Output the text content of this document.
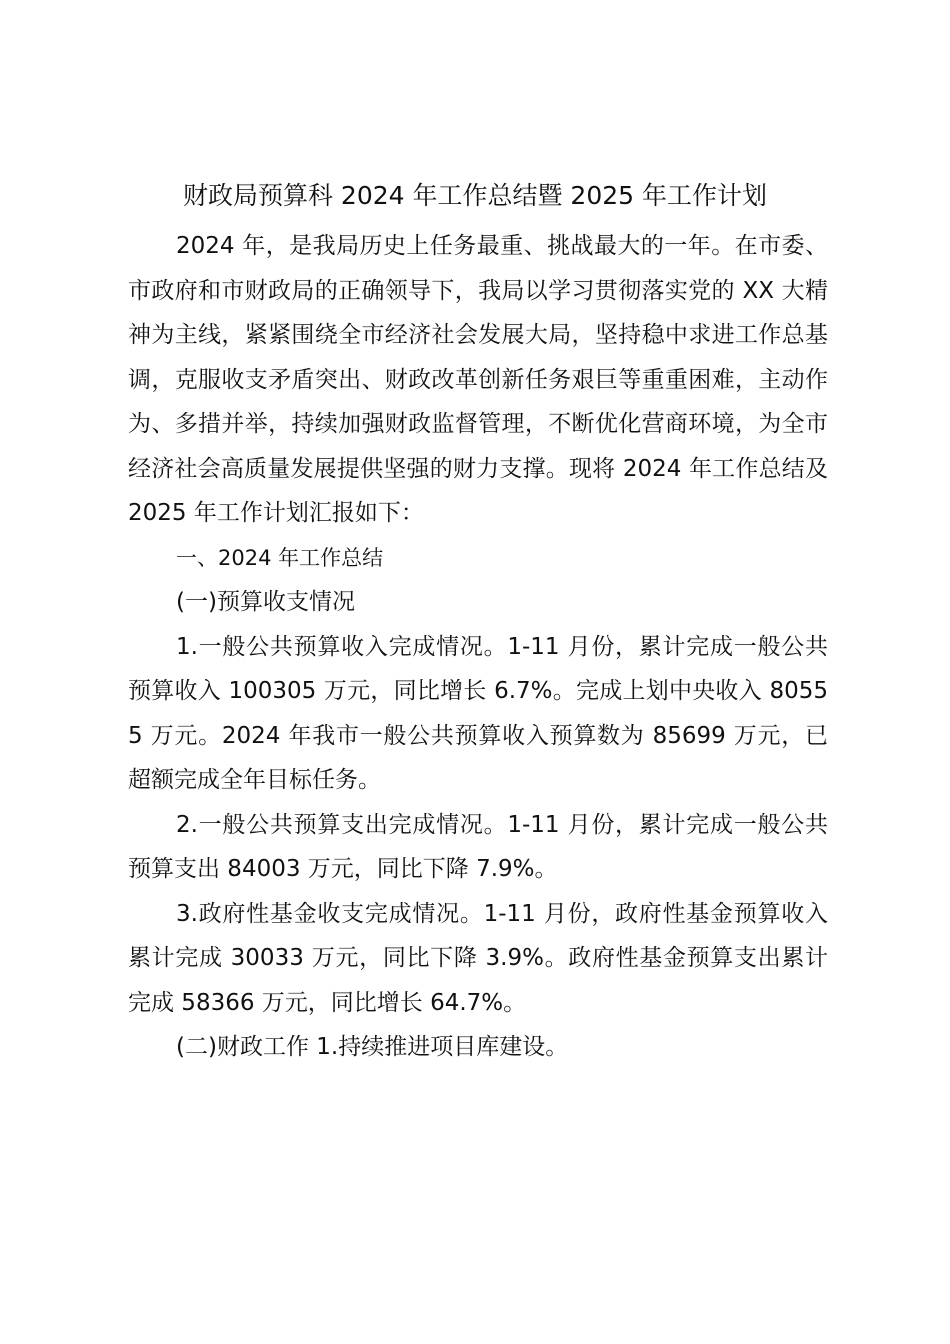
财政局预算科 2024 年工作总结暨 2025 年工作计划

2024 年，是我局历史上任务最重、挑战最大的一年。在市委、市政府和市财政局的正确领导下，我局以学习贯彻落实党的 XX 大精神为主线，紧紧围绕全市经济社会发展大局，坚持稳中求进工作总基调，克服收支矛盾突出、财政改革创新任务艰巨等重重困难，主动作为、多措并举，持续加强财政监督管理，不断优化营商环境，为全市经济社会高质量发展提供坚强的财力支撑。现将 2024 年工作总结及 2025 年工作计划汇报如下：

一、2024 年工作总结

(一)预算收支情况

1.一般公共预算收入完成情况。1-11 月份，累计完成一般公共预算收入 100305 万元，同比增长 6.7%。完成上划中央收入 80555 万元。2024 年我市一般公共预算收入预算数为 85699 万元，已超额完成全年目标任务。

2.一般公共预算支出完成情况。1-11 月份，累计完成一般公共预算支出 84003 万元，同比下降 7.9%。

3.政府性基金收支完成情况。1-11 月份，政府性基金预算收入累计完成 30033 万元，同比下降 3.9%。政府性基金预算支出累计完成 58366 万元，同比增长 64.7%。

(二)财政工作 1.持续推进项目库建设。
